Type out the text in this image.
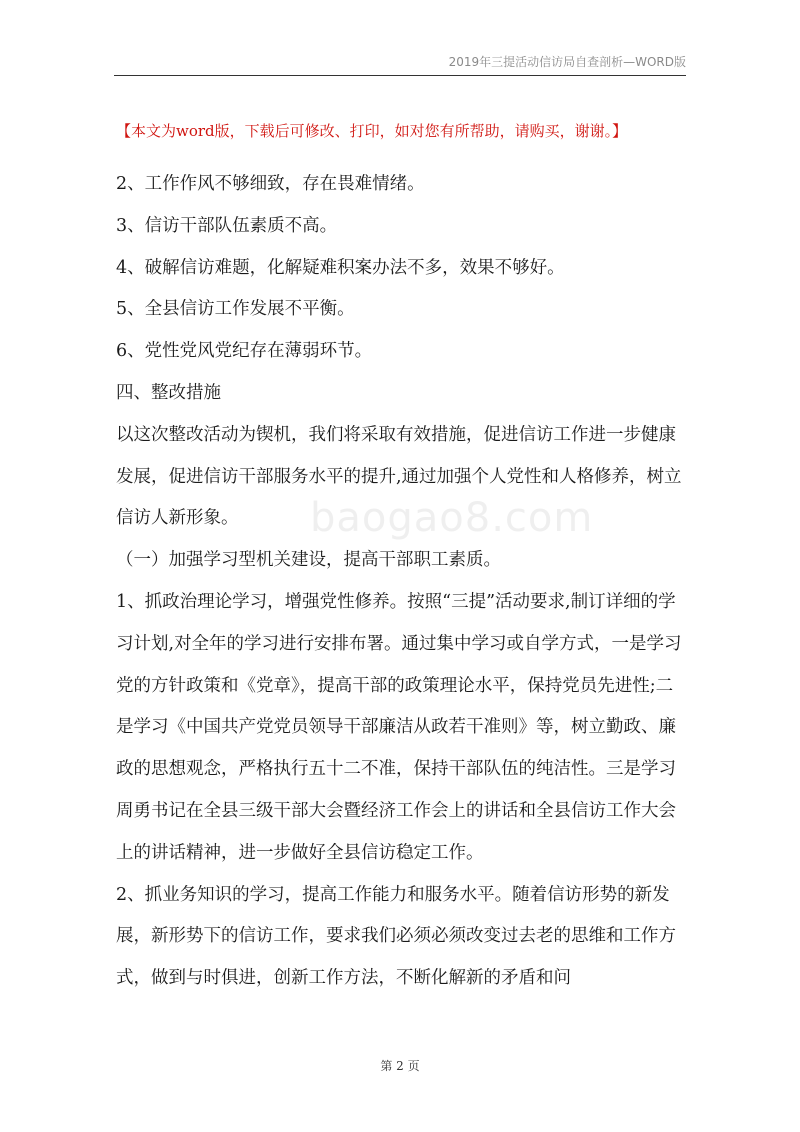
2019年三提活动信访局自查剖析—WORD版
【本文为word版，下载后可修改、打印，如对您有所帮助，请购买，谢谢。】
baogao8.com

2、工作作风不够细致，存在畏难情绪。

3、信访干部队伍素质不高。

4、破解信访难题，化解疑难积案办法不多，效果不够好。

5、全县信访工作发展不平衡。

6、党性党风党纪存在薄弱环节。

四、整改措施

以这次整改活动为锲机，我们将采取有效措施，促进信访工作进一步健康发展，促进信访干部服务水平的提升,通过加强个人党性和人格修养，树立信访人新形象。

（一）加强学习型机关建设，提高干部职工素质。

1、抓政治理论学习，增强党性修养。按照“三提”活动要求,制订详细的学习计划,对全年的学习进行安排布署。通过集中学习或自学方式，一是学习党的方针政策和《党章》，提高干部的政策理论水平，保持党员先进性;二是学习《中国共产党党员领导干部廉洁从政若干准则》等，树立勤政、廉政的思想观念，严格执行五十二不准，保持干部队伍的纯洁性。三是学习周勇书记在全县三级干部大会暨经济工作会上的讲话和全县信访工作大会上的讲话精神，进一步做好全县信访稳定工作。

2、抓业务知识的学习，提高工作能力和服务水平。随着信访形势的新发展，新形势下的信访工作，要求我们必须必须改变过去老的思维和工作方式，做到与时俱进，创新工作方法，不断化解新的矛盾和问

第 2 页
